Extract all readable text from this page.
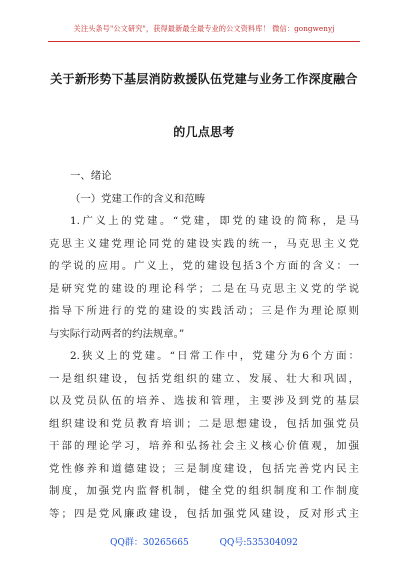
关注头条号"公文研究"，获得最新最全最专业的公文资料库！ 微信：gongwenyj
关于新形势下基层消防救援队伍党建与业务工作深度融合
的几点思考
一、绪论
（一）党建工作的含义和范畴
1.广义上的党建。“党建，即党的建设的简称，是马
克思主义建党理论同党的建设实践的统一，马克思主义党
的学说的应用。广义上，党的建设包括3个方面的含义：一
是研究党的建设的理论科学；二是在马克思主义党的学说
指导下所进行的党的建设的实践活动；三是作为理论原则
与实际行动两者的约法规章。”
2.狭义上的党建。“日常工作中，党建分为6个方面：
一是组织建设，包括党组织的建立、发展、壮大和巩固，
以及党员队伍的培养、选拔和管理，主要涉及到党的基层
组织建设和党员教育培训；二是思想建设，包括加强党员
干部的理论学习，培养和弘扬社会主义核心价值观，加强
党性修养和道德建设；三是制度建设，包括完善党内民主
制度，加强党内监督机制，健全党的组织制度和工作制度
等；四是党风廉政建设，包括加强党风建设，反对形式主
QQ群：30265665	QQ号:535304092
